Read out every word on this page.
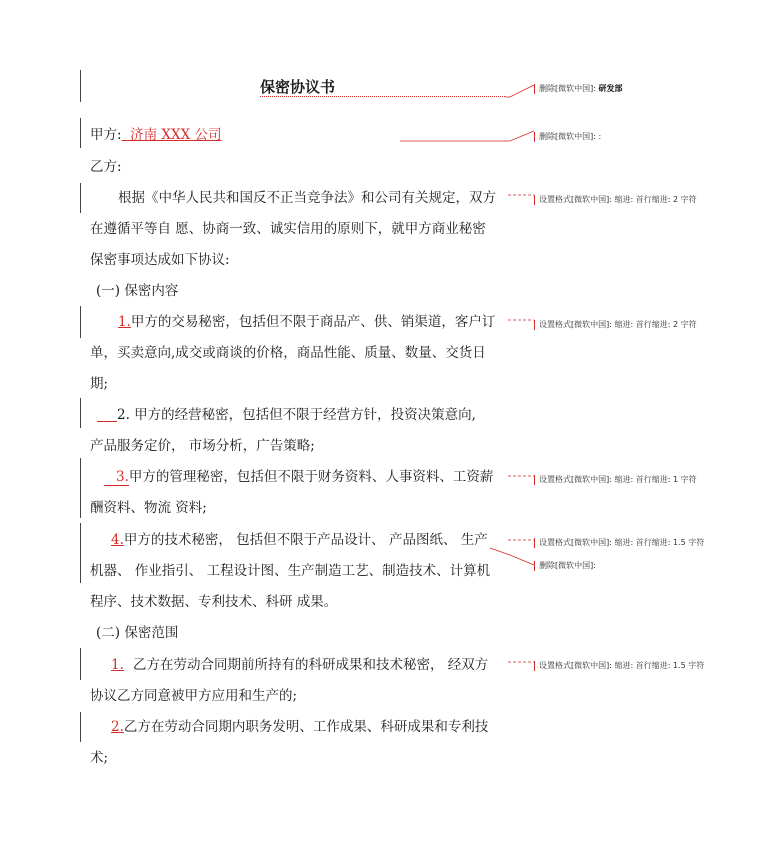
保密协议书
甲方:  济南 XXX 公司
乙方:
根据《中华人民共和国反不正当竞争法》和公司有关规定，双方
在遵循平等自 愿、协商一致、诚实信用的原则下，就甲方商业秘密
保密事项达成如下协议:
(一) 保密内容
1.甲方的交易秘密，包括但不限于商品产、供、销渠道，客户订
单，买卖意向,成交或商谈的价格，商品性能、质量、数量、交货日
期;
2. 甲方的经营秘密，包括但不限于经营方针，投资决策意向,
产品服务定价， 市场分析，广告策略;
3.甲方的管理秘密，包括但不限于财务资料、人事资料、工资薪
酬资料、物流 资料;
4.甲方的技术秘密， 包括但不限于产品设计、 产品图纸、 生产
机器、 作业指引、 工程设计图、生产制造工艺、制造技术、计算机
程序、技术数据、专利技术、科研 成果。
(二) 保密范围
1. 乙方在劳动合同期前所持有的科研成果和技术秘密， 经双方
协议乙方同意被甲方应用和生产的;
2.乙方在劳动合同期内职务发明、工作成果、科研成果和专利技
术;
删除[微软中国]: 研发部
删除[微软中国]: :
设置格式[微软中国]: 缩进: 首行缩进: 2 字符
设置格式[微软中国]: 缩进: 首行缩进: 2 字符
设置格式[微软中国]: 缩进: 首行缩进: 1 字符
设置格式[微软中国]: 缩进: 首行缩进: 1.5 字符
删除[微软中国]:
设置格式[微软中国]: 缩进: 首行缩进: 1.5 字符
